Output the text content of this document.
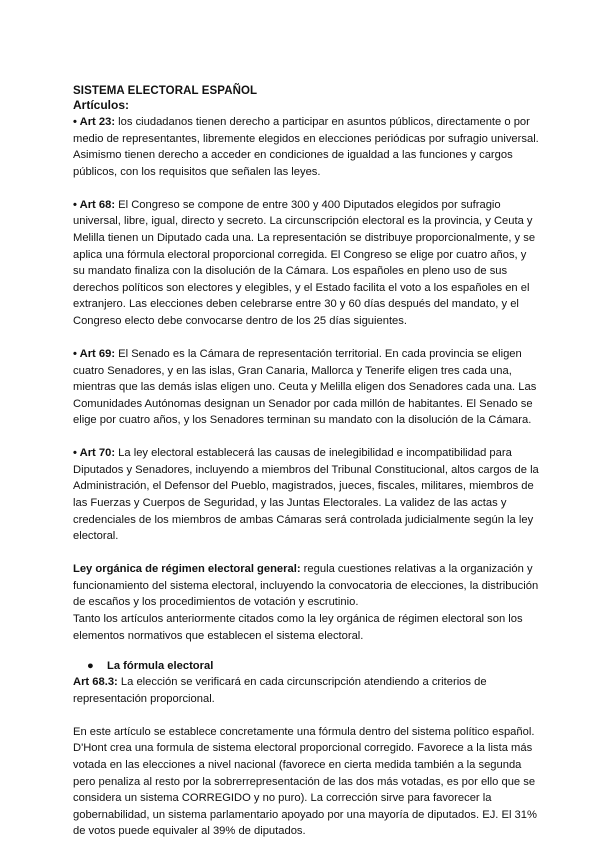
SISTEMA ELECTORAL ESPAÑOL
Artículos:

• Art 23: los ciudadanos tienen derecho a participar en asuntos públicos, directamente o por medio de representantes, libremente elegidos en elecciones periódicas por sufragio universal. Asimismo tienen derecho a acceder en condiciones de igualdad a las funciones y cargos públicos, con los requisitos que señalen las leyes.

• Art 68: El Congreso se compone de entre 300 y 400 Diputados elegidos por sufragio universal, libre, igual, directo y secreto. La circunscripción electoral es la provincia, y Ceuta y Melilla tienen un Diputado cada una. La representación se distribuye proporcionalmente, y se aplica una fórmula electoral proporcional corregida. El Congreso se elige por cuatro años, y su mandato finaliza con la disolución de la Cámara. Los españoles en pleno uso de sus derechos políticos son electores y elegibles, y el Estado facilita el voto a los españoles en el extranjero. Las elecciones deben celebrarse entre 30 y 60 días después del mandato, y el Congreso electo debe convocarse dentro de los 25 días siguientes.

• Art 69: El Senado es la Cámara de representación territorial. En cada provincia se eligen cuatro Senadores, y en las islas, Gran Canaria, Mallorca y Tenerife eligen tres cada una, mientras que las demás islas eligen uno. Ceuta y Melilla eligen dos Senadores cada una. Las Comunidades Autónomas designan un Senador por cada millón de habitantes. El Senado se elige por cuatro años, y los Senadores terminan su mandato con la disolución de la Cámara.

• Art 70: La ley electoral establecerá las causas de inelegibilidad e incompatibilidad para Diputados y Senadores, incluyendo a miembros del Tribunal Constitucional, altos cargos de la Administración, el Defensor del Pueblo, magistrados, jueces, fiscales, militares, miembros de las Fuerzas y Cuerpos de Seguridad, y las Juntas Electorales. La validez de las actas y credenciales de los miembros de ambas Cámaras será controlada judicialmente según la ley electoral.

Ley orgánica de régimen electoral general: regula cuestiones relativas a la organización y funcionamiento del sistema electoral, incluyendo la convocatoria de elecciones, la distribución de escaños y los procedimientos de votación y escrutinio.

Tanto los artículos anteriormente citados como la ley orgánica de régimen electoral son los elementos normativos que establecen el sistema electoral.

● La fórmula electoral

Art 68.3: La elección se verificará en cada circunscripción atendiendo a criterios de representación proporcional.

En este artículo se establece concretamente una fórmula dentro del sistema político español. D'Hont crea una formula de sistema electoral proporcional corregido. Favorece a la lista más votada en las elecciones a nivel nacional (favorece en cierta medida también a la segunda pero penaliza al resto por la sobrerrepresentación de las dos más votadas, es por ello que se considera un sistema CORREGIDO y no puro). La corrección sirve para favorecer la gobernabilidad, un sistema parlamentario apoyado por una mayoría de diputados. EJ. El 31% de votos puede equivaler al 39% de diputados.
